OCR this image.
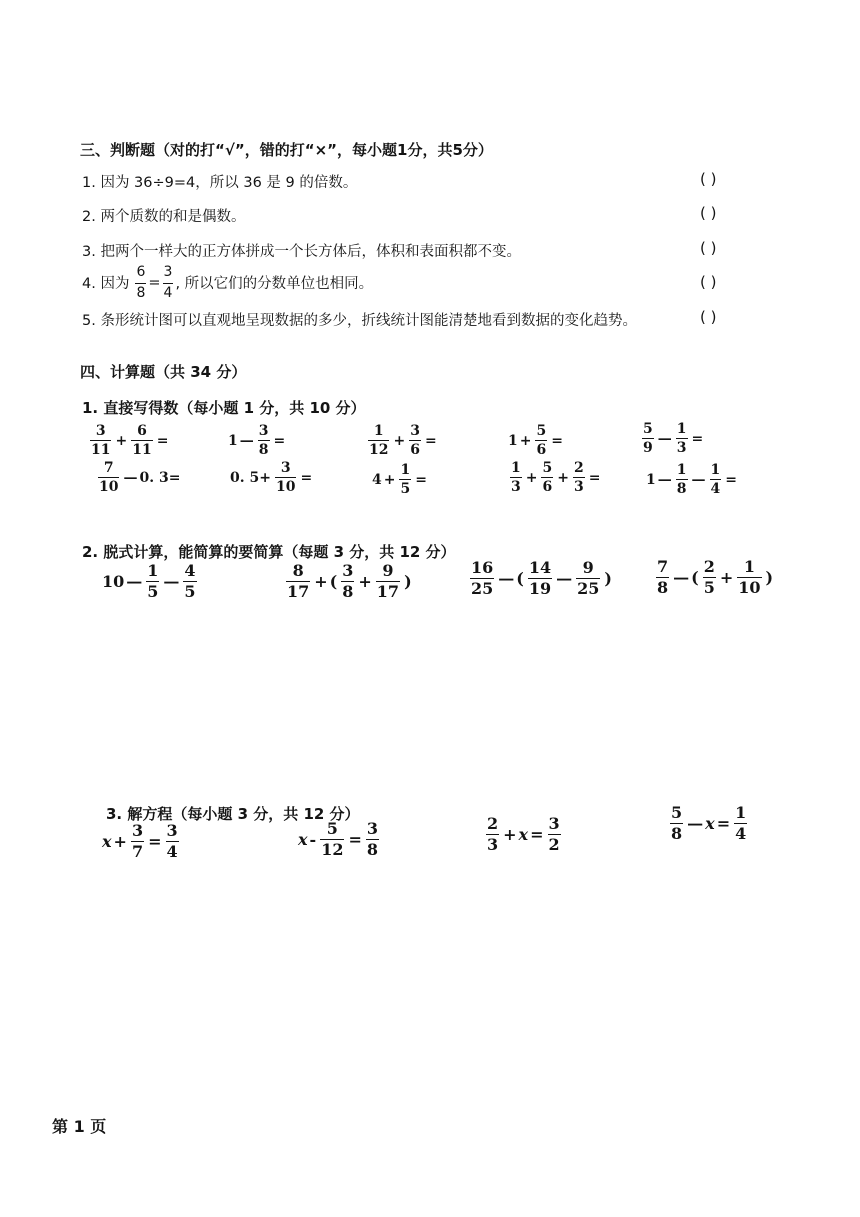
三、判断题（对的打“√”，错的打“×”，每小题1分，共5分）
1. 因为 36÷9=4，所以 36 是 9 的倍数。	( )
2. 两个质数的和是偶数。	( )
3. 把两个一样大的正方体拼成一个长方体后，体积和表面积都不变。	( )
4. 因为 $\frac{6}{8} = \frac{3}{4}$ , 所以它们的分数单位也相同。	( )
5. 条形统计图可以直观地呈现数据的多少，折线统计图能清楚地看到数据的变化趋势。	( )
四、计算题（共 34 分）
1. 直接写得数（每小题 1 分，共 10 分）
$\frac{3}{11} + \frac{6}{11}$ =	1 — $\frac{3}{8}$ =	$\frac{1}{12} + \frac{3}{6}$ =	$1 + \frac{5}{6}$ =	$\frac{5}{9}$ — $\frac{1}{3}$ =
$\frac{7}{10}$ — 0. 3=	0. $5+ \frac{3}{10}$ =	$4 + \frac{1}{5}$ =	$\frac{1}{3} + \frac{5}{6} + \frac{2}{3}$ =	1 — $\frac{1}{8}$ — $\frac{1}{4}$ =
2. 脱式计算，能简算的要简算（每题 3 分，共 12 分）
10 — $\frac{1}{5}$ — $\frac{4}{5}$	$\frac{8}{17}$ + ( $\frac{3}{8} + \frac{9}{17}$ )	$\frac{16}{25}$ — ( $\frac{14}{19}$ — $\frac{9}{25}$ )	$\frac{7}{8}$ — ( $\frac{2}{5} + \frac{1}{10}$ )
3. 解方程（每小题 3 分，共 12 分）
$x + \frac{3}{7} = \frac{3}{4}$	$x - \frac{5}{12} = \frac{3}{8}$	$\frac{2}{3} + x = \frac{3}{2}$	$\frac{5}{8}$ — $x = \frac{1}{4}$
第 1 页
